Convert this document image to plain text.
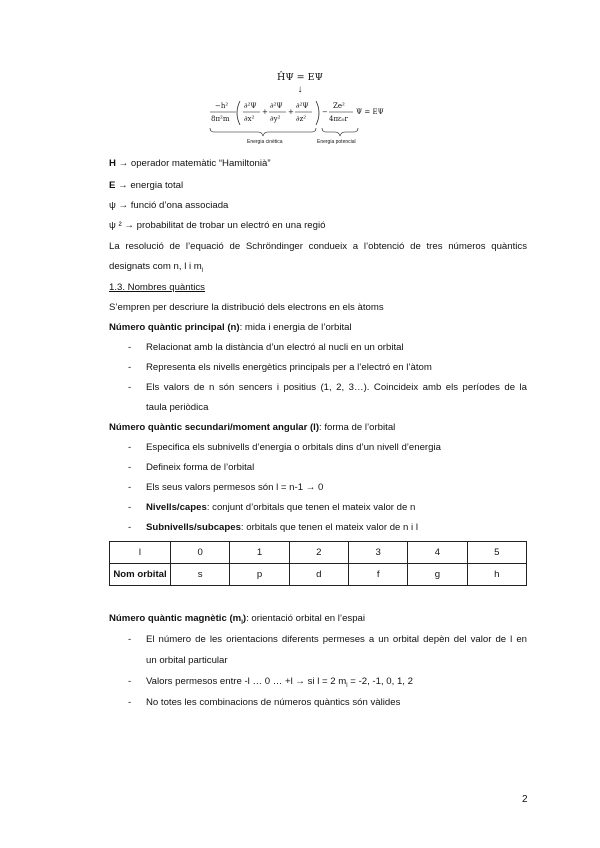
ĤΨ = EΨ
↓
−h²
8π²m
∂²Ψ
∂x²
+
∂²Ψ
∂y²
+
∂²Ψ
∂z²
−
Ze²
4πε₀r
Ψ = EΨ
Energia cinètica	Energia potencial
H → operador matemàtic “Hamiltonià”
E → energia total
ψ → funció d’ona associada
ψ ² → probabilitat de trobar un electró en una regió
La resolució de l’equació de Schröndinger condueix a l’obtenció de tres números quàntics
designats com n, l i $m_l$
1.3. Nombres quàntics
S’empren per descriure la distribució dels electrons en els àtoms
Número quàntic principal (n): mida i energia de l’orbital
- Relacionat amb la distància d’un electró al nucli en un orbital
- Representa els nivells energètics principals per a l’electró en l’àtom
- Els valors de n són sencers i positius (1, 2, 3…). Coincideix amb els períodes de la
taula periòdica
Número quàntic secundari/moment angular (l): forma de l’orbital
- Especifica els subnivells d’energia o orbitals dins d’un nivell d’energia
- Defineix forma de l’orbital
- Els seus valors permesos són l = n-1 → 0
- Nivells/capes: conjunt d’orbitals que tenen el mateix valor de n
- Subnivells/subcapes: orbitals que tenen el mateix valor de n i l
l	0	1	2	3	4	5
Nom orbital	s	p	d	f	g	h
Número quàntic magnètic $(m_l)$: orientació orbital en l’espai
- El número de les orientacions diferents permeses a un orbital depèn del valor de l en
un orbital particular
- Valors permesos entre -l … 0 … +l → si l = 2 $m_l = -2$, -1, 0, 1, 2
- No totes les combinacions de números quàntics són vàlides
2
